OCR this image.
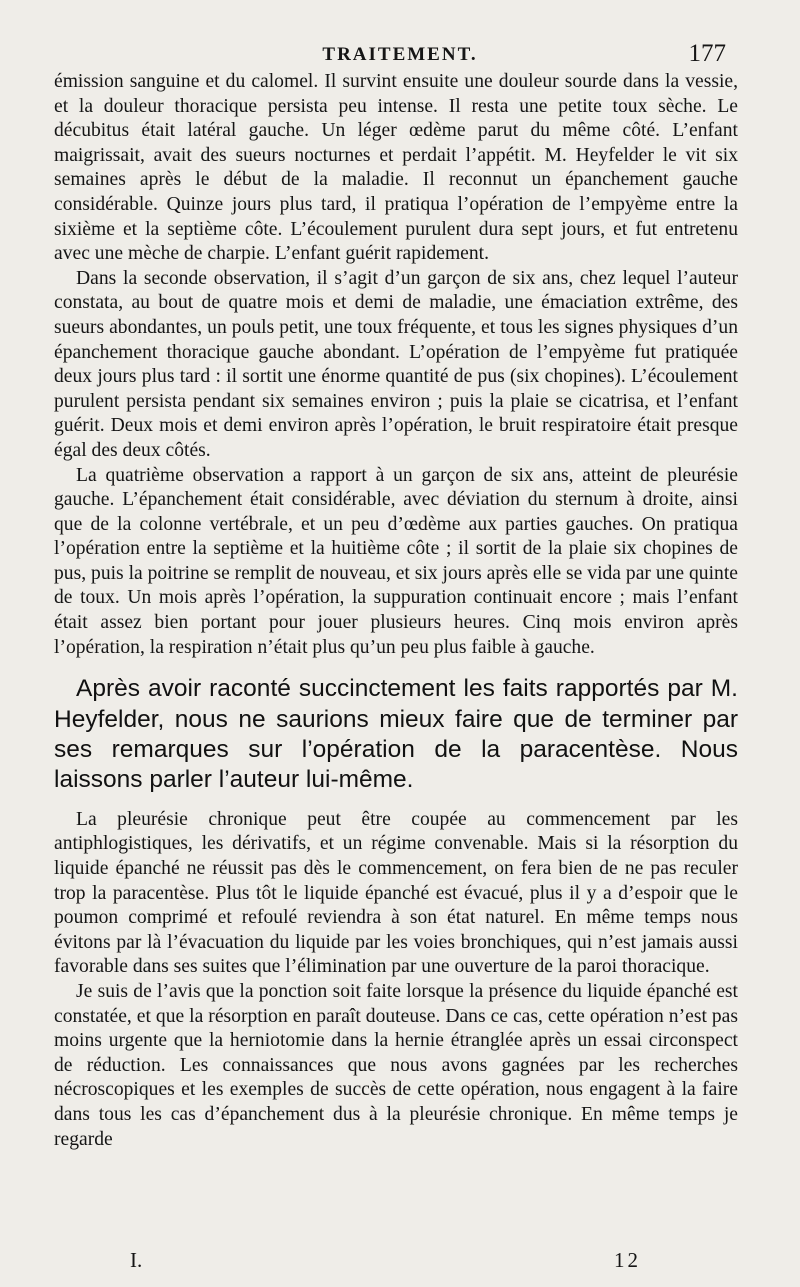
TRAITEMENT.	177

émission sanguine et du calomel. Il survint ensuite une douleur sourde dans la vessie, et la douleur thoracique persista peu intense. Il resta une petite toux sèche. Le décubitus était latéral gauche. Un léger œdème parut du même côté. L’enfant maigrissait, avait des sueurs nocturnes et perdait l’appétit. M. Heyfelder le vit six semaines après le début de la maladie. Il reconnut un épanchement gauche considérable. Quinze jours plus tard, il pratiqua l’opération de l’empyème entre la sixième et la septième côte. L’écoulement purulent dura sept jours, et fut entretenu avec une mèche de charpie. L’enfant guérit rapidement.

Dans la seconde observation, il s’agit d’un garçon de six ans, chez lequel l’auteur constata, au bout de quatre mois et demi de maladie, une émaciation extrême, des sueurs abondantes, un pouls petit, une toux fréquente, et tous les signes physiques d’un épanchement thoracique gauche abondant. L’opération de l’empyème fut pratiquée deux jours plus tard : il sortit une énorme quantité de pus (six chopines). L’écoulement purulent persista pendant six semaines environ ; puis la plaie se cicatrisa, et l’enfant guérit. Deux mois et demi environ après l’opération, le bruit respiratoire était presque égal des deux côtés.

La quatrième observation a rapport à un garçon de six ans, atteint de pleurésie gauche. L’épanchement était considérable, avec déviation du sternum à droite, ainsi que de la colonne vertébrale, et un peu d’œdème aux parties gauches. On pratiqua l’opération entre la septième et la huitième côte ; il sortit de la plaie six chopines de pus, puis la poitrine se remplit de nouveau, et six jours après elle se vida par une quinte de toux. Un mois après l’opération, la suppuration continuait encore ; mais l’enfant était assez bien portant pour jouer plusieurs heures. Cinq mois environ après l’opération, la respiration n’était plus qu’un peu plus faible à gauche.

Après avoir raconté succinctement les faits rapportés par M. Heyfelder, nous ne saurions mieux faire que de terminer par ses remarques sur l’opération de la paracentèse. Nous laissons parler l’auteur lui-même.

La pleurésie chronique peut être coupée au commencement par les antiphlogistiques, les dérivatifs, et un régime convenable. Mais si la résorption du liquide épanché ne réussit pas dès le commencement, on fera bien de ne pas reculer trop la paracentèse. Plus tôt le liquide épanché est évacué, plus il y a d’espoir que le poumon comprimé et refoulé reviendra à son état naturel. En même temps nous évitons par là l’évacuation du liquide par les voies bronchiques, qui n’est jamais aussi favorable dans ses suites que l’élimination par une ouverture de la paroi thoracique.

Je suis de l’avis que la ponction soit faite lorsque la présence du liquide épanché est constatée, et que la résorption en paraît douteuse. Dans ce cas, cette opération n’est pas moins urgente que la herniotomie dans la hernie étranglée après un essai circonspect de réduction. Les connaissances que nous avons gagnées par les recherches nécroscopiques et les exemples de succès de cette opération, nous engagent à la faire dans tous les cas d’épanchement dus à la pleurésie chronique. En même temps je regarde

I.	12
